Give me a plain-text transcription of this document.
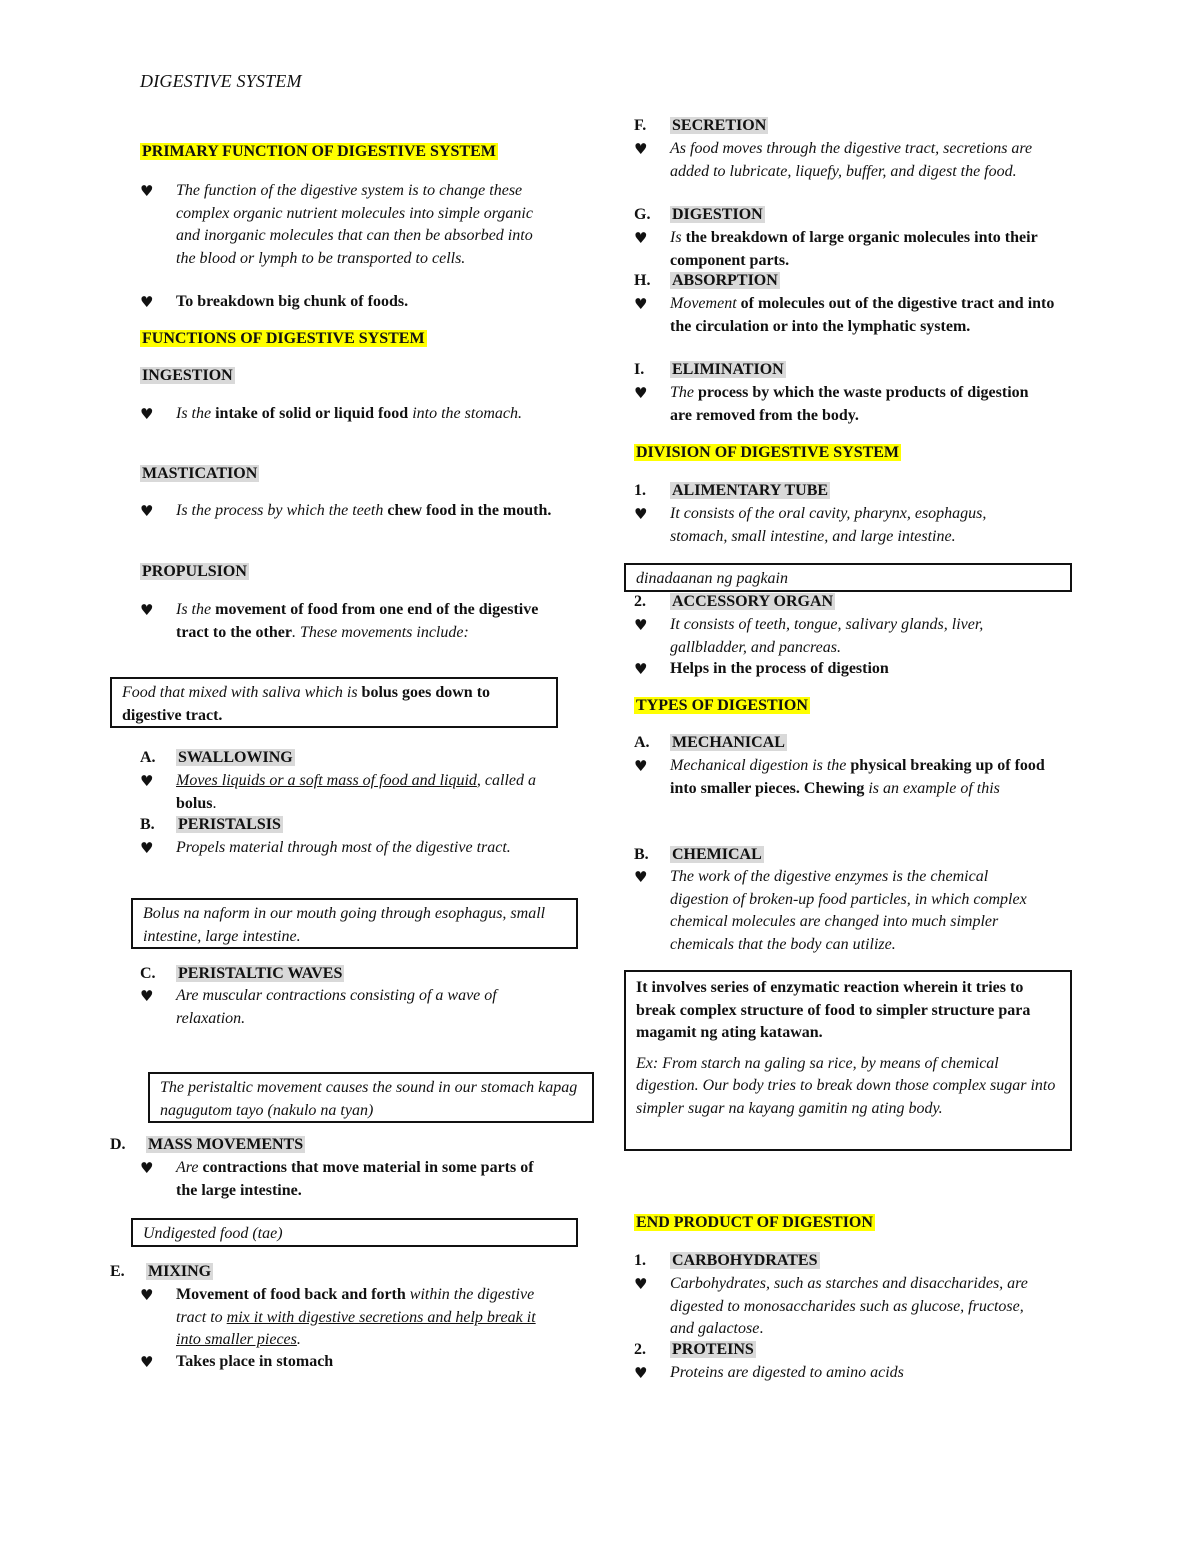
DIGESTIVE SYSTEM
PRIMARY FUNCTION OF DIGESTIVE SYSTEM
♥ The function of the digestive system is to change these complex organic nutrient molecules into simple organic and inorganic molecules that can then be absorbed into the blood or lymph to be transported to cells.
♥ To breakdown big chunk of foods.
FUNCTIONS OF DIGESTIVE SYSTEM
INGESTION
♥ Is the intake of solid or liquid food into the stomach.
MASTICATION
♥ Is the process by which the teeth chew food in the mouth.
PROPULSION
♥ Is the movement of food from one end of the digestive tract to the other. These movements include:
Food that mixed with saliva which is bolus goes down to digestive tract.
A. SWALLOWING
♥ Moves liquids or a soft mass of food and liquid, called a bolus.
B. PERISTALSIS
♥ Propels material through most of the digestive tract.
Bolus na naform in our mouth going through esophagus, small intestine, large intestine.
C. PERISTALTIC WAVES
♥ Are muscular contractions consisting of a wave of relaxation.
The peristaltic movement causes the sound in our stomach kapag nagugutom tayo (nakulo na tyan)
D. MASS MOVEMENTS
♥ Are contractions that move material in some parts of the large intestine.
Undigested food (tae)
E. MIXING
♥ Movement of food back and forth within the digestive tract to mix it with digestive secretions and help break it into smaller pieces.
♥ Takes place in stomach
F. SECRETION
♥ As food moves through the digestive tract, secretions are added to lubricate, liquefy, buffer, and digest the food.
G. DIGESTION
♥ Is the breakdown of large organic molecules into their component parts.
H. ABSORPTION
♥ Movement of molecules out of the digestive tract and into the circulation or into the lymphatic system.
I. ELIMINATION
♥ The process by which the waste products of digestion are removed from the body.
DIVISION OF DIGESTIVE SYSTEM
1. ALIMENTARY TUBE
♥ It consists of the oral cavity, pharynx, esophagus, stomach, small intestine, and large intestine.
dinadaanan ng pagkain
2. ACCESSORY ORGAN
♥ It consists of teeth, tongue, salivary glands, liver, gallbladder, and pancreas.
♥ Helps in the process of digestion
TYPES OF DIGESTION
A. MECHANICAL
♥ Mechanical digestion is the physical breaking up of food into smaller pieces. Chewing is an example of this
B. CHEMICAL
♥ The work of the digestive enzymes is the chemical digestion of broken-up food particles, in which complex chemical molecules are changed into much simpler chemicals that the body can utilize.
It involves series of enzymatic reaction wherein it tries to break complex structure of food to simpler structure para magamit ng ating katawan.
Ex: From starch na galing sa rice, by means of chemical digestion. Our body tries to break down those complex sugar into simpler sugar na kayang gamitin ng ating body.
END PRODUCT OF DIGESTION
1. CARBOHYDRATES
♥ Carbohydrates, such as starches and disaccharides, are digested to monosaccharides such as glucose, fructose, and galactose.
2. PROTEINS
♥ Proteins are digested to amino acids
